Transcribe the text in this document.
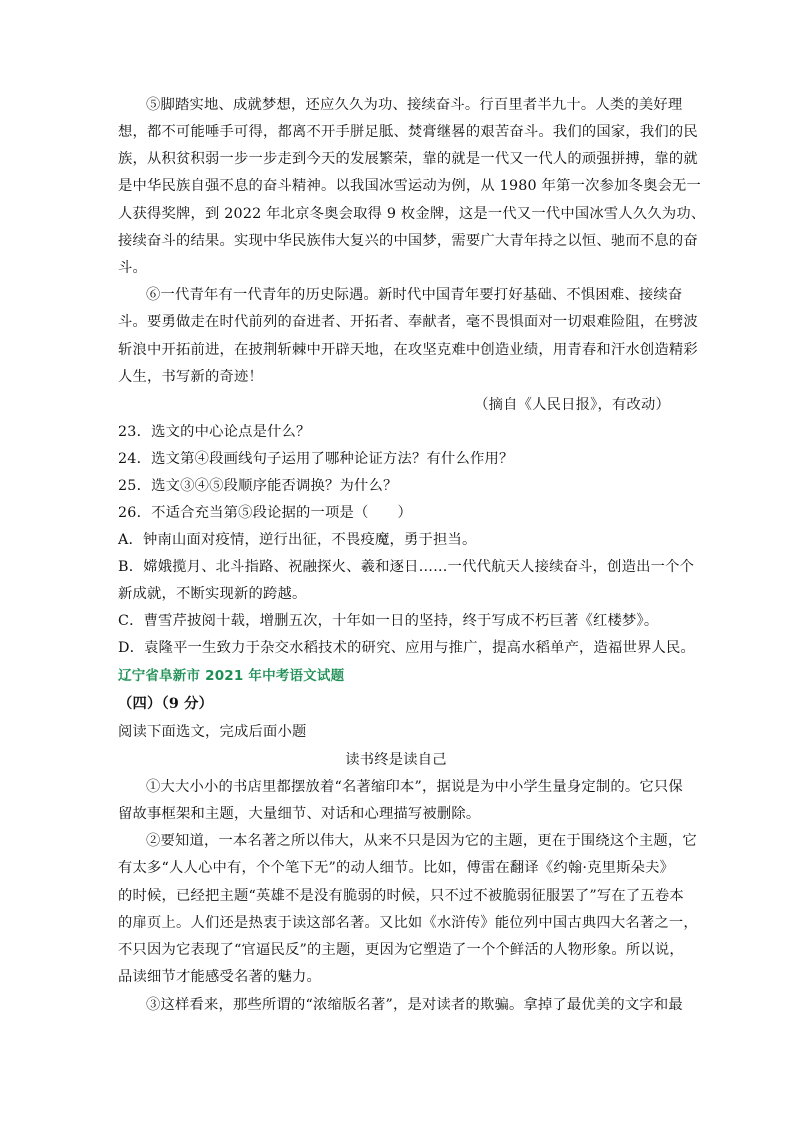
⑤脚踏实地、成就梦想，还应久久为功、接续奋斗。行百里者半九十。人类的美好理
想，都不可能唾手可得，都离不开手胼足胝、焚膏继晷的艰苦奋斗。我们的国家，我们的民
族，从积贫积弱一步一步走到今天的发展繁荣，靠的就是一代又一代人的顽强拼搏，靠的就
是中华民族自强不息的奋斗精神。以我国冰雪运动为例，从 1980 年第一次参加冬奥会无一
人获得奖牌，到 2022 年北京冬奥会取得 9 枚金牌，这是一代又一代中国冰雪人久久为功、
接续奋斗的结果。实现中华民族伟大复兴的中国梦，需要广大青年持之以恒、驰而不息的奋
斗。
⑥一代青年有一代青年的历史际遇。新时代中国青年要打好基础、不惧困难、接续奋
斗。要勇做走在时代前列的奋进者、开拓者、奉献者，毫不畏惧面对一切艰难险阻，在劈波
斩浪中开拓前进，在披荆斩棘中开辟天地，在攻坚克难中创造业绩，用青春和汗水创造精彩
人生，书写新的奇迹！
（摘自《人民日报》，有改动）
23．选文的中心论点是什么？
24．选文第④段画线句子运用了哪种论证方法？有什么作用？
25．选文③④⑤段顺序能否调换？为什么？
26．不适合充当第⑤段论据的一项是（　　）
A．钟南山面对疫情，逆行出征，不畏疫魔，勇于担当。
B．嫦娥揽月、北斗指路、祝融探火、羲和逐日……一代代航天人接续奋斗，创造出一个个
新成就，不断实现新的跨越。
C．曹雪芹披阅十载，增删五次，十年如一日的坚持，终于写成不朽巨著《红楼梦》。
D．袁隆平一生致力于杂交水稻技术的研究、应用与推广，提高水稻单产，造福世界人民。
辽宁省阜新市 2021 年中考语文试题
（四）（9 分）
阅读下面选文，完成后面小题
读书终是读自己
①大大小小的书店里都摆放着“名著缩印本”，据说是为中小学生量身定制的。它只保
留故事框架和主题，大量细节、对话和心理描写被删除。
②要知道，一本名著之所以伟大，从来不只是因为它的主题，更在于围绕这个主题，它
有太多“人人心中有，个个笔下无”的动人细节。比如，傅雷在翻译《约翰·克里斯朵夫》
的时候，已经把主题“英雄不是没有脆弱的时候，只不过不被脆弱征服罢了”写在了五卷本
的扉页上。人们还是热衷于读这部名著。又比如《水浒传》能位列中国古典四大名著之一，
不只因为它表现了“官逼民反”的主题，更因为它塑造了一个个鲜活的人物形象。所以说，
品读细节才能感受名著的魅力。
③这样看来，那些所谓的“浓缩版名著”，是对读者的欺骗。拿掉了最优美的文字和最
